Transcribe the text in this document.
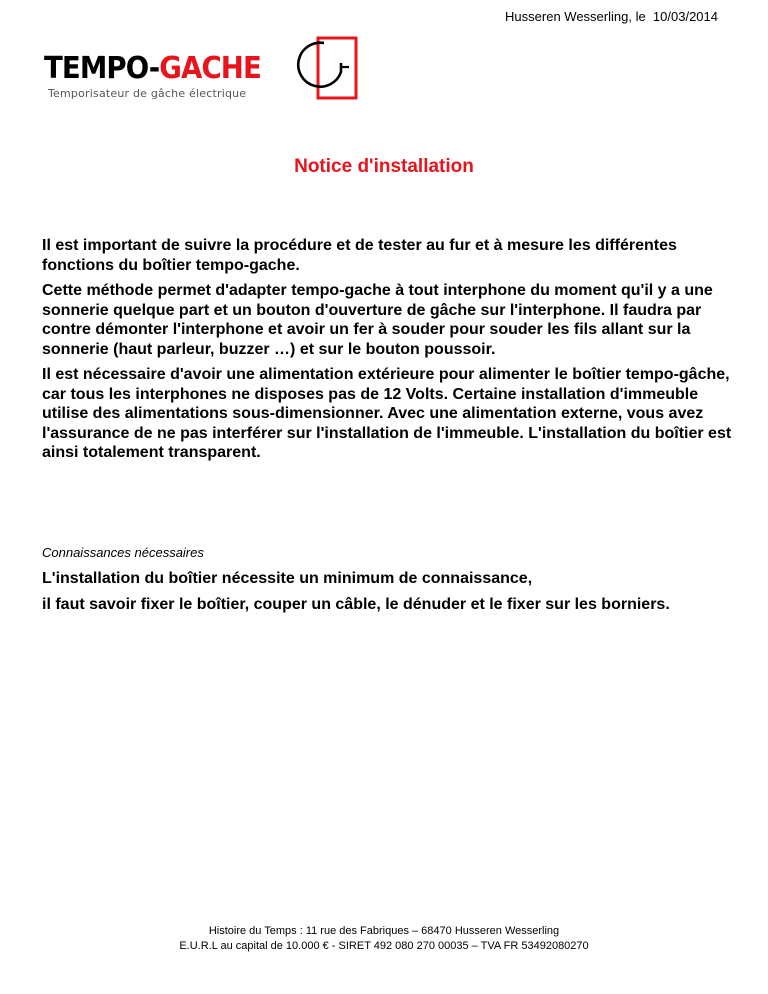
Husseren Wesserling, le  10/03/2014
TEMPO-GACHE
Temporisateur de gâche électrique
Notice d'installation

Il est important de suivre la procédure et de tester au fur et à mesure les différentes fonctions du boîtier tempo-gache.

Cette méthode permet d'adapter tempo-gache à tout interphone du moment qu'il y a une sonnerie quelque part et un bouton d'ouverture de gâche sur l'interphone. Il faudra par contre démonter l'interphone et avoir un fer à souder pour souder les fils allant sur la sonnerie (haut parleur, buzzer …) et sur le bouton poussoir.

Il est nécessaire d'avoir une alimentation extérieure pour alimenter le boîtier tempo-gâche, car tous les interphones ne disposes pas de 12 Volts. Certaine installation d'immeuble utilise des alimentations sous-dimensionner. Avec une alimentation externe, vous avez l'assurance de ne pas interférer sur l'installation de l'immeuble. L'installation du boîtier est ainsi totalement transparent.

Connaissances nécessaires

L'installation du boîtier nécessite un minimum de connaissance,

il faut savoir fixer le boîtier, couper un câble, le dénuder et le fixer sur les borniers.

Histoire du Temps : 11 rue des Fabriques – 68470 Husseren Wesserling
E.U.R.L au capital de 10.000 € - SIRET 492 080 270 00035 – TVA FR 53492080270
